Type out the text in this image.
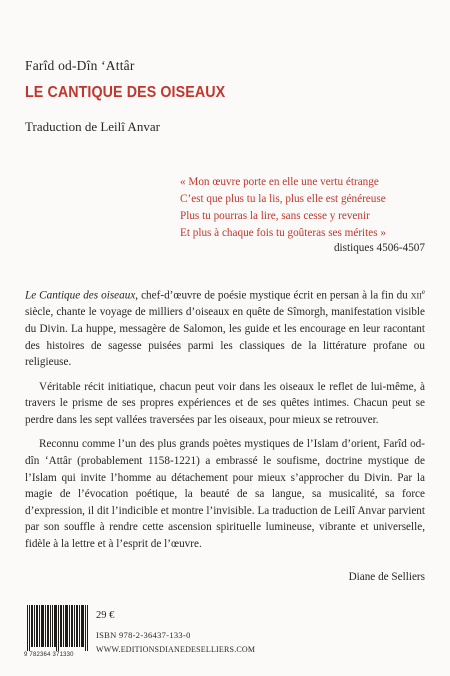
Farîd od-Dîn ‘Attâr
LE CANTIQUE DES OISEAUX
Traduction de Leilî Anvar
« Mon œuvre porte en elle une vertu étrange
C’est que plus tu la lis, plus elle est généreuse
Plus tu pourras la lire, sans cesse y revenir
Et plus à chaque fois tu goûteras ses mérites »
distiques 4506-4507

Le Cantique des oiseaux, chef-d’œuvre de poésie mystique écrit en persan à la fin du xii$^e$ siècle, chante le voyage de milliers d’oiseaux en quête de Sîmorgh, manifestation visible du Divin. La huppe, messagère de Salomon, les guide et les encourage en leur racontant des histoires de sagesse puisées parmi les classiques de la littérature profane ou religieuse.

Véritable récit initiatique, chacun peut voir dans les oiseaux le reflet de lui-même, à travers le prisme de ses propres expériences et de ses quêtes intimes. Chacun peut se perdre dans les sept vallées traversées par les oiseaux, pour mieux se retrouver.

Reconnu comme l’un des plus grands poètes mystiques de l’Islam d’orient, Farîd od-dîn ‘Attâr (probablement 1158-1221) a embrassé le soufisme, doctrine mystique de l’Islam qui invite l’homme au détachement pour mieux s’approcher du Divin. Par la magie de l’évocation poétique, la beauté de sa langue, sa musicalité, sa force d’expression, il dit l’indicible et montre l’invisible. La traduction de Leilî Anvar parvient par son souffle à rendre cette ascension spirituelle lumineuse, vibrante et universelle, fidèle à la lettre et à l’esprit de l’œuvre.

Diane de Selliers
9 782364 371330
29 €
ISBN 978-2-36437-133-0
WWW.EDITIONSDIANEDESELLIERS.COM
